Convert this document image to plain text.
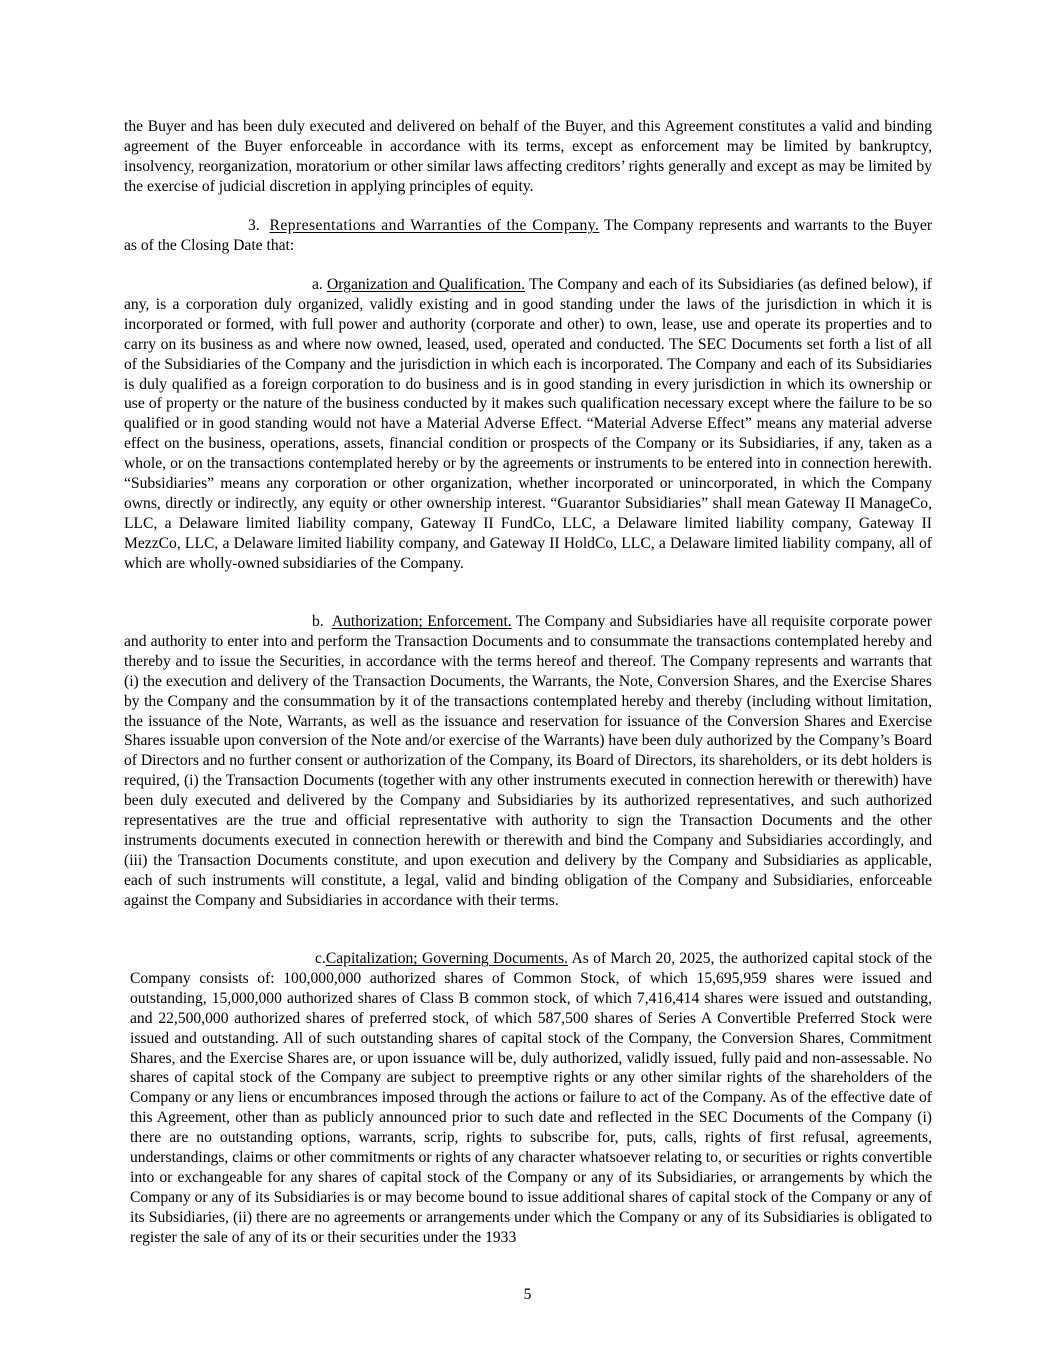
the Buyer and has been duly executed and delivered on behalf of the Buyer, and this Agreement constitutes a valid and binding agreement of the Buyer enforceable in accordance with its terms, except as enforcement may be limited by bankruptcy, insolvency, reorganization, moratorium or other similar laws affecting creditors’ rights generally and except as may be limited by the exercise of judicial discretion in applying principles of equity.

3. Representations and Warranties of the Company. The Company represents and warrants to the Buyer as of the Closing Date that:

a. Organization and Qualification. The Company and each of its Subsidiaries (as defined below), if any, is a corporation duly organized, validly existing and in good standing under the laws of the jurisdiction in which it is incorporated or formed, with full power and authority (corporate and other) to own, lease, use and operate its properties and to carry on its business as and where now owned, leased, used, operated and conducted. The SEC Documents set forth a list of all of the Subsidiaries of the Company and the jurisdiction in which each is incorporated. The Company and each of its Subsidiaries is duly qualified as a foreign corporation to do business and is in good standing in every jurisdiction in which its ownership or use of property or the nature of the business conducted by it makes such qualification necessary except where the failure to be so qualified or in good standing would not have a Material Adverse Effect. “Material Adverse Effect” means any material adverse effect on the business, operations, assets, financial condition or prospects of the Company or its Subsidiaries, if any, taken as a whole, or on the transactions contemplated hereby or by the agreements or instruments to be entered into in connection herewith. “Subsidiaries” means any corporation or other organization, whether incorporated or unincorporated, in which the Company owns, directly or indirectly, any equity or other ownership interest. “Guarantor Subsidiaries” shall mean Gateway II ManageCo, LLC, a Delaware limited liability company, Gateway II FundCo, LLC, a Delaware limited liability company, Gateway II MezzCo, LLC, a Delaware limited liability company, and Gateway II HoldCo, LLC, a Delaware limited liability company, all of which are wholly-owned subsidiaries of the Company.

b. Authorization; Enforcement. The Company and Subsidiaries have all requisite corporate power and authority to enter into and perform the Transaction Documents and to consummate the transactions contemplated hereby and thereby and to issue the Securities, in accordance with the terms hereof and thereof. The Company represents and warrants that (i) the execution and delivery of the Transaction Documents, the Warrants, the Note, Conversion Shares, and the Exercise Shares by the Company and the consummation by it of the transactions contemplated hereby and thereby (including without limitation, the issuance of the Note, Warrants, as well as the issuance and reservation for issuance of the Conversion Shares and Exercise Shares issuable upon conversion of the Note and/or exercise of the Warrants) have been duly authorized by the Company’s Board of Directors and no further consent or authorization of the Company, its Board of Directors, its shareholders, or its debt holders is required, (i) the Transaction Documents (together with any other instruments executed in connection herewith or therewith) have been duly executed and delivered by the Company and Subsidiaries by its authorized representatives, and such authorized representatives are the true and official representative with authority to sign the Transaction Documents and the other instruments documents executed in connection herewith or therewith and bind the Company and Subsidiaries accordingly, and (iii) the Transaction Documents constitute, and upon execution and delivery by the Company and Subsidiaries as applicable, each of such instruments will constitute, a legal, valid and binding obligation of the Company and Subsidiaries, enforceable against the Company and Subsidiaries in accordance with their terms.

c.Capitalization; Governing Documents. As of March 20, 2025, the authorized capital stock of the Company consists of: 100,000,000 authorized shares of Common Stock, of which 15,695,959 shares were issued and outstanding, 15,000,000 authorized shares of Class B common stock, of which 7,416,414 shares were issued and outstanding, and 22,500,000 authorized shares of preferred stock, of which 587,500 shares of Series A Convertible Preferred Stock were issued and outstanding. All of such outstanding shares of capital stock of the Company, the Conversion Shares, Commitment Shares, and the Exercise Shares are, or upon issuance will be, duly authorized, validly issued, fully paid and non-assessable. No shares of capital stock of the Company are subject to preemptive rights or any other similar rights of the shareholders of the Company or any liens or encumbrances imposed through the actions or failure to act of the Company. As of the effective date of this Agreement, other than as publicly announced prior to such date and reflected in the SEC Documents of the Company (i) there are no outstanding options, warrants, scrip, rights to subscribe for, puts, calls, rights of first refusal, agreements, understandings, claims or other commitments or rights of any character whatsoever relating to, or securities or rights convertible into or exchangeable for any shares of capital stock of the Company or any of its Subsidiaries, or arrangements by which the Company or any of its Subsidiaries is or may become bound to issue additional shares of capital stock of the Company or any of its Subsidiaries, (ii) there are no agreements or arrangements under which the Company or any of its Subsidiaries is obligated to register the sale of any of its or their securities under the 1933

5
